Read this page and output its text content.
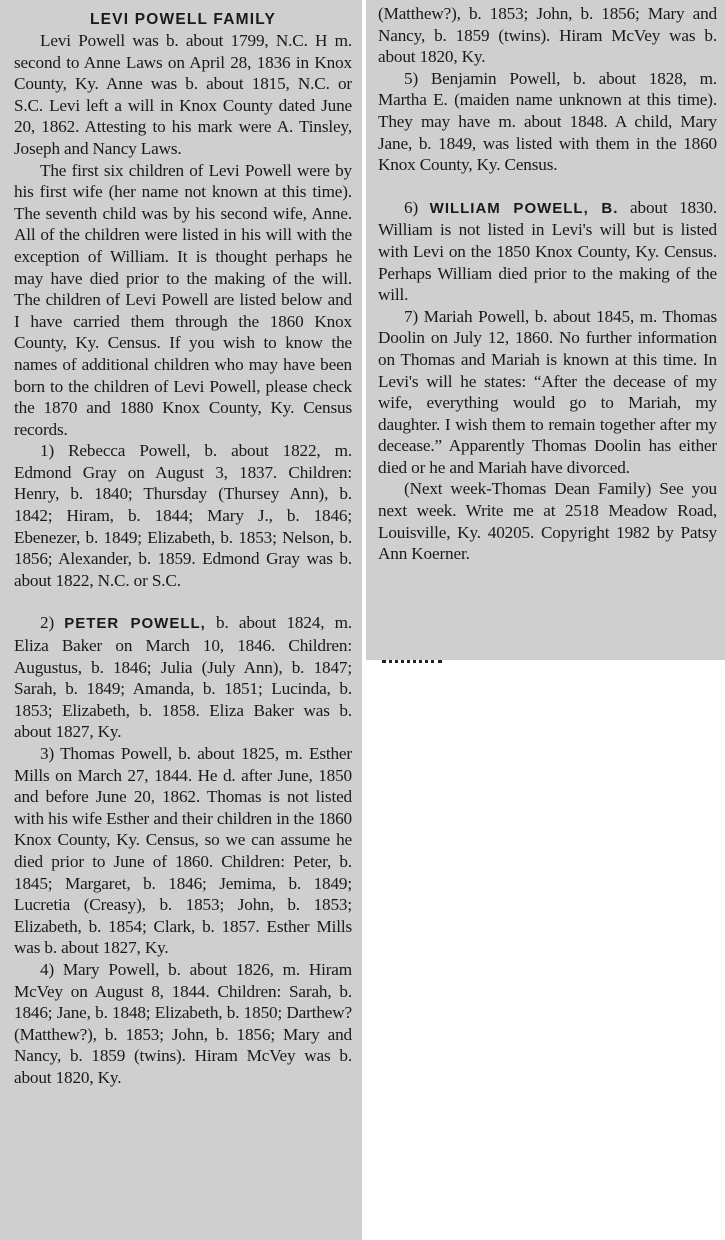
LEVI POWELL FAMILY

Levi Powell was b. about 1799, N.C. H m. second to Anne Laws on April 28, 1836 in Knox County, Ky. Anne was b. about 1815, N.C. or S.C. Levi left a will in Knox County dated June 20, 1862. Attesting to his mark were A. Tinsley, Joseph and Nancy Laws.

The first six children of Levi Powell were by his first wife (her name not known at this time). The seventh child was by his second wife, Anne. All of the children were listed in his will with the exception of William. It is thought perhaps he may have died prior to the making of the will. The children of Levi Powell are listed below and I have carried them through the 1860 Knox County, Ky. Census. If you wish to know the names of additional children who may have been born to the children of Levi Powell, please check the 1870 and 1880 Knox County, Ky. Census records.

1) Rebecca Powell, b. about 1822, m. Edmond Gray on August 3, 1837. Children: Henry, b. 1840; Thursday (Thursey Ann), b. 1842; Hiram, b. 1844; Mary J., b. 1846; Ebenezer, b. 1849; Elizabeth, b. 1853; Nelson, b. 1856; Alexander, b. 1859. Edmond Gray was b. about 1822, N.C. or S.C.

2) PETER POWELL, b. about 1824, m. Eliza Baker on March 10, 1846. Children: Augustus, b. 1846; Julia (July Ann), b. 1847; Sarah, b. 1849; Amanda, b. 1851; Lucinda, b. 1853; Elizabeth, b. 1858. Eliza Baker was b. about 1827, Ky.

3) Thomas Powell, b. about 1825, m. Esther Mills on March 27, 1844. He d. after June, 1850 and before June 20, 1862. Thomas is not listed with his wife Esther and their children in the 1860 Knox County, Ky. Census, so we can assume he died prior to June of 1860. Children: Peter, b. 1845; Margaret, b. 1846; Jemima, b. 1849; Lucretia (Creasy), b. 1853; John, b. 1853; Elizabeth, b. 1854; Clark, b. 1857. Esther Mills was b. about 1827, Ky.

4) Mary Powell, b. about 1826, m. Hiram McVey on August 8, 1844. Children: Sarah, b. 1846; Jane, b. 1848; Elizabeth, b. 1850; Darthew? (Matthew?), b. 1853; John, b. 1856; Mary and Nancy, b. 1859 (twins). Hiram McVey was b. about 1820, Ky.

(Matthew?), b. 1853; John, b. 1856; Mary and Nancy, b. 1859 (twins). Hiram McVey was b. about 1820, Ky.

5) Benjamin Powell, b. about 1828, m. Martha E. (maiden name unknown at this time). They may have m. about 1848. A child, Mary Jane, b. 1849, was listed with them in the 1860 Knox County, Ky. Census.

6) WILLIAM POWELL, B. about 1830. William is not listed in Levi's will but is listed with Levi on the 1850 Knox County, Ky. Census. Perhaps William died prior to the making of the will.

7) Mariah Powell, b. about 1845, m. Thomas Doolin on July 12, 1860. No further information on Thomas and Mariah is known at this time. In Levi's will he states: “After the decease of my wife, everything would go to Mariah, my daughter. I wish them to remain together after my decease.” Apparently Thomas Doolin has either died or he and Mariah have divorced.

(Next week-Thomas Dean Family) See you next week. Write me at 2518 Meadow Road, Louisville, Ky. 40205. Copyright 1982 by Patsy Ann Koerner.
